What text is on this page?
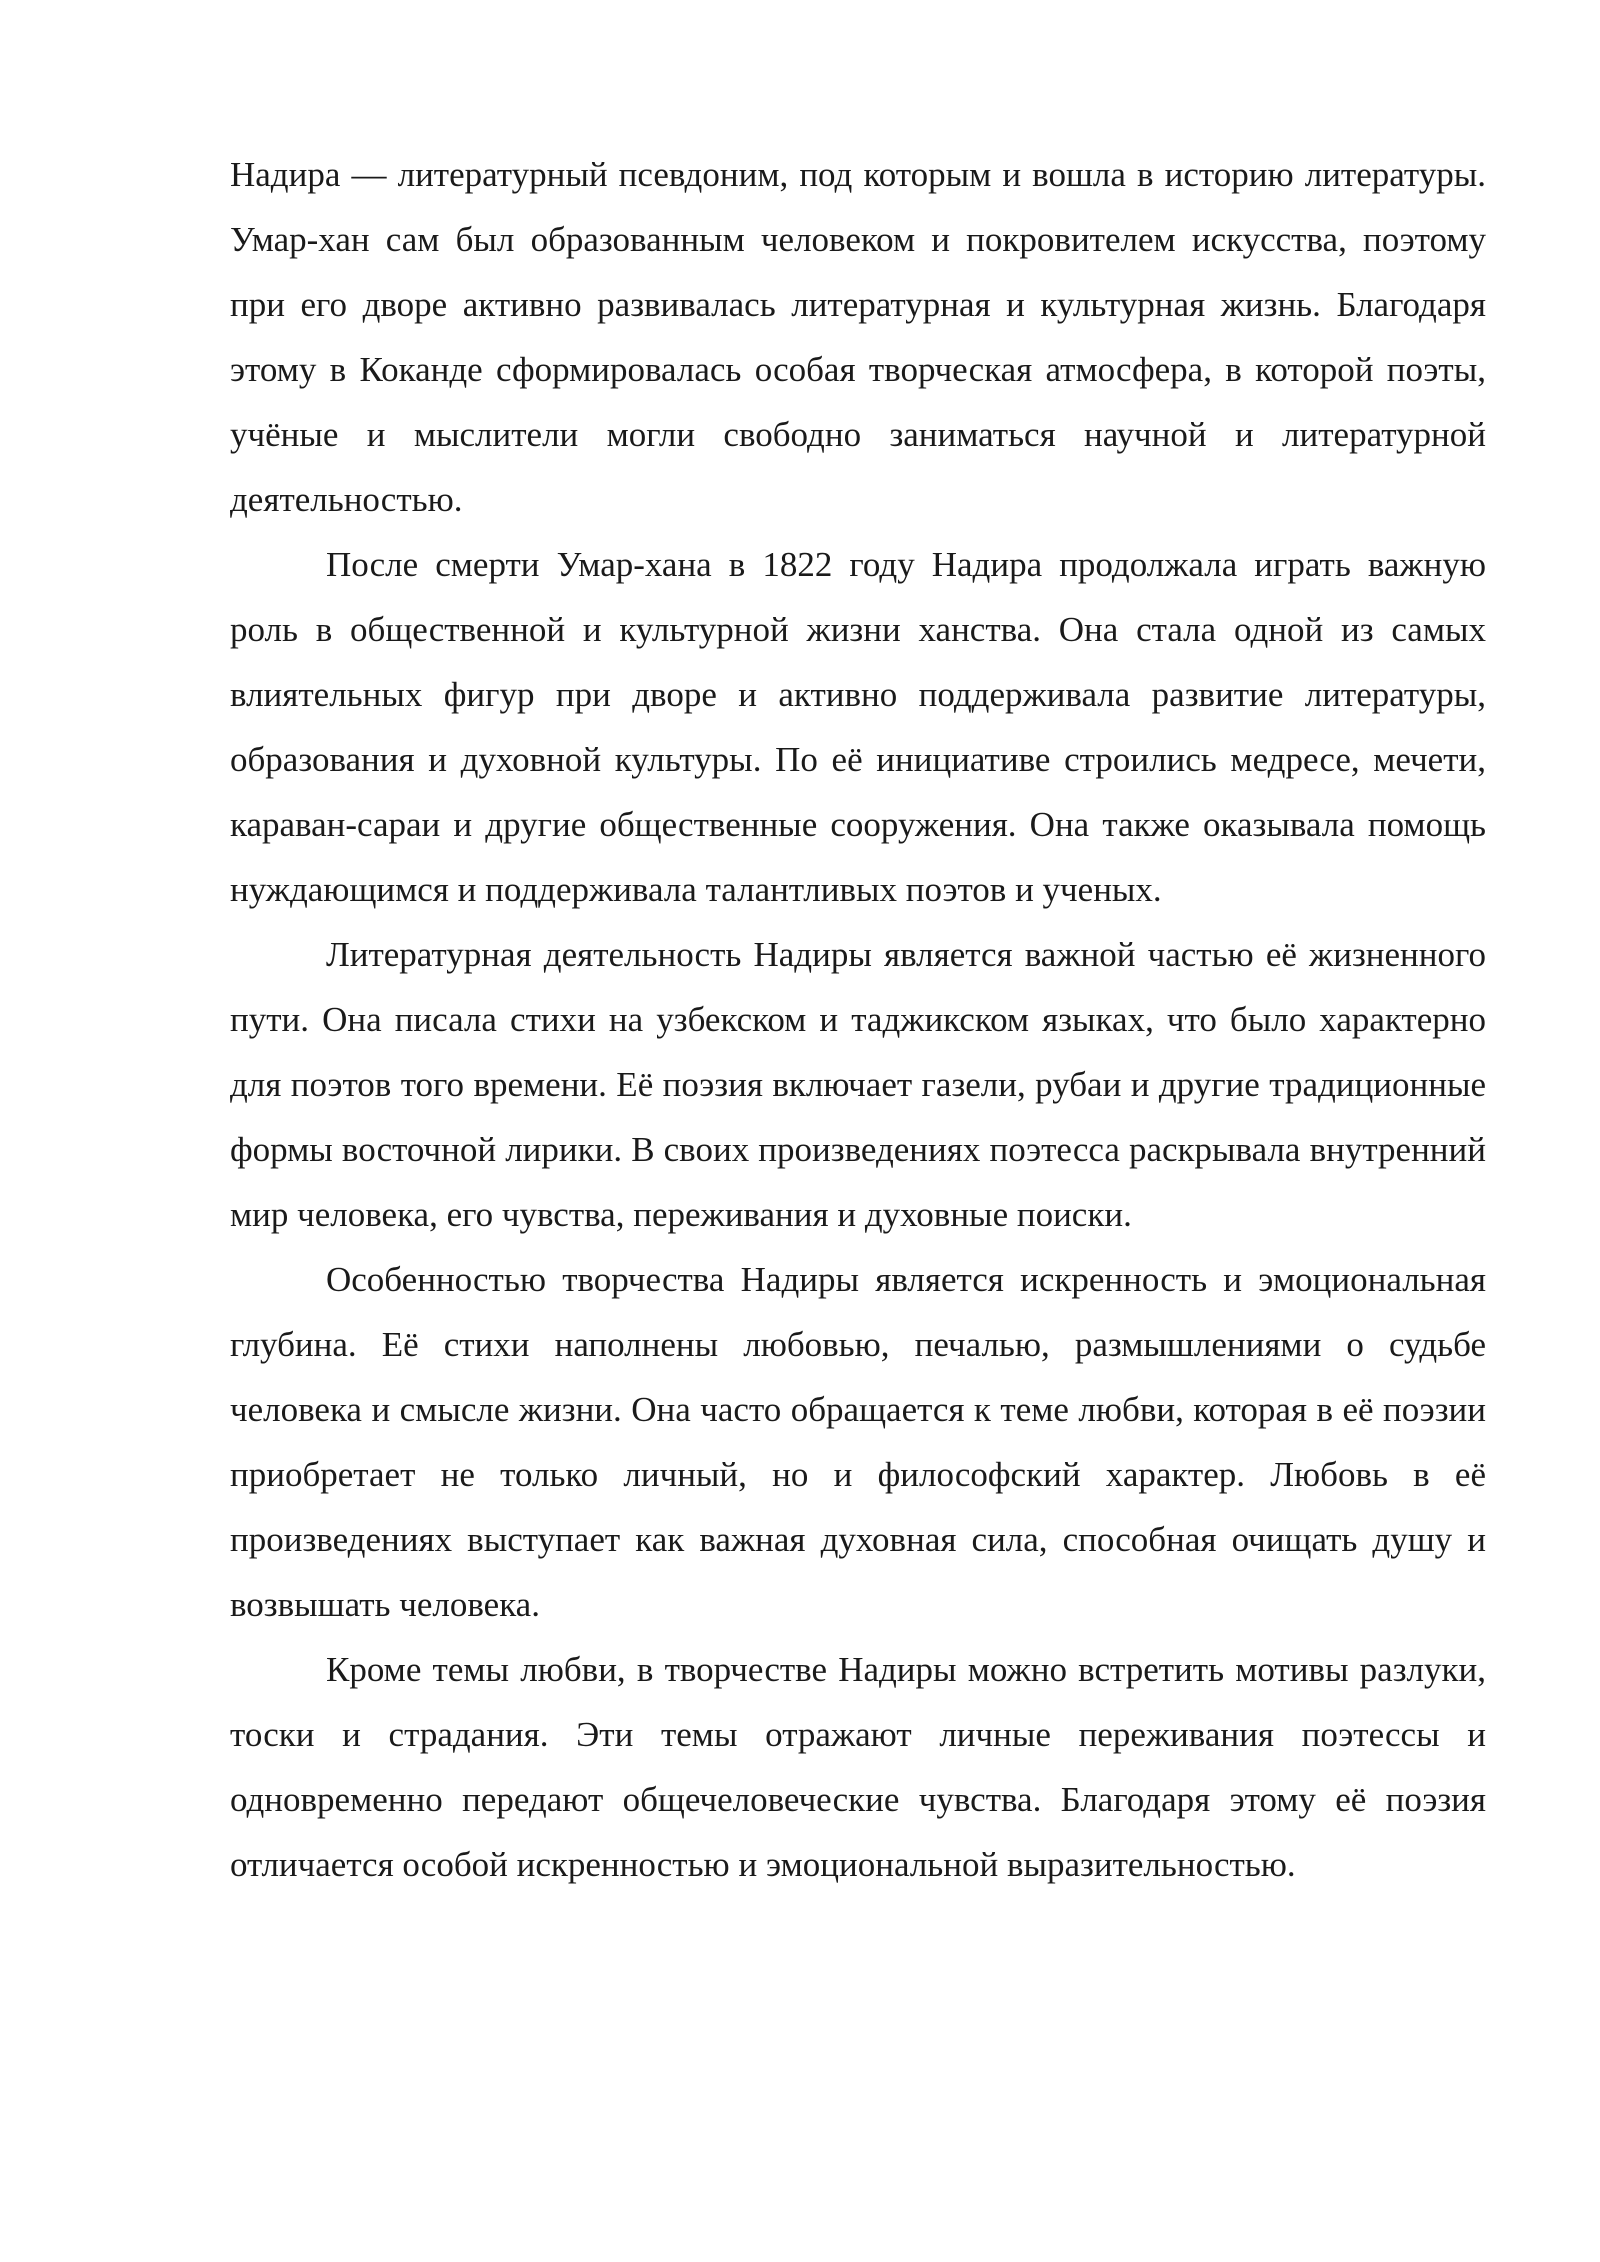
Надира — литературный псевдоним, под которым и вошла в историю литературы. Умар-хан сам был образованным человеком и покровителем искусства, поэтому при его дворе активно развивалась литературная и культурная жизнь. Благодаря этому в Коканде сформировалась особая творческая атмосфера, в которой поэты, учёные и мыслители могли свободно заниматься научной и литературной деятельностью.

После смерти Умар-хана в 1822 году Надира продолжала играть важную роль в общественной и культурной жизни ханства. Она стала одной из самых влиятельных фигур при дворе и активно поддерживала развитие литературы, образования и духовной культуры. По её инициативе строились медресе, мечети, караван-сараи и другие общественные сооружения. Она также оказывала помощь нуждающимся и поддерживала талантливых поэтов и ученых.

Литературная деятельность Надиры является важной частью её жизненного пути. Она писала стихи на узбекском и таджикском языках, что было характерно для поэтов того времени. Её поэзия включает газели, рубаи и другие традиционные формы восточной лирики. В своих произведениях поэтесса раскрывала внутренний мир человека, его чувства, переживания и духовные поиски.

Особенностью творчества Надиры является искренность и эмоциональная глубина. Её стихи наполнены любовью, печалью, размышлениями о судьбе человека и смысле жизни. Она часто обращается к теме любви, которая в её поэзии приобретает не только личный, но и философский характер. Любовь в её произведениях выступает как важная духовная сила, способная очищать душу и возвышать человека.

Кроме темы любви, в творчестве Надиры можно встретить мотивы разлуки, тоски и страдания. Эти темы отражают личные переживания поэтессы и одновременно передают общечеловеческие чувства. Благодаря этому её поэзия отличается особой искренностью и эмоциональной выразительностью.
